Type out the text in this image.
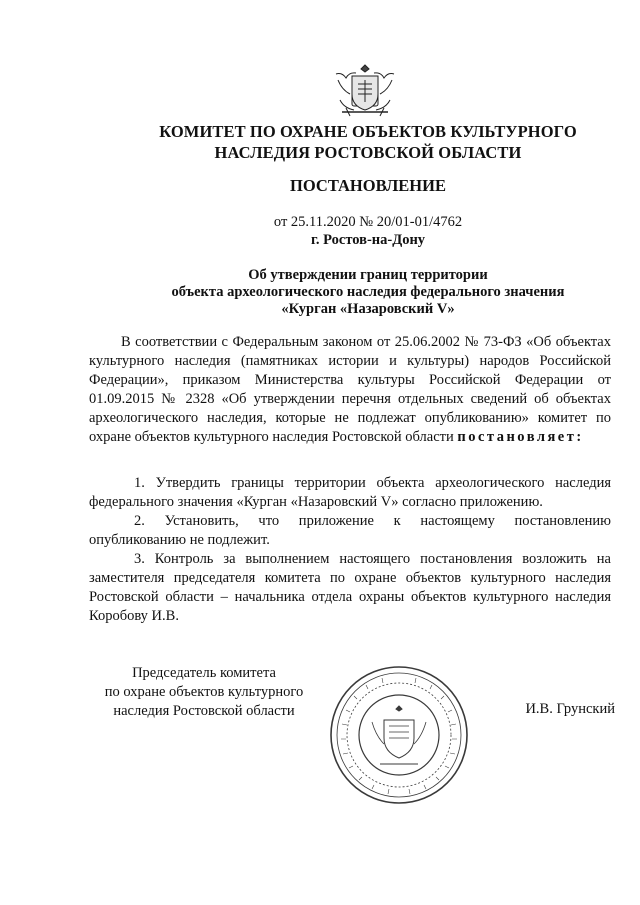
КОМИТЕТ ПО ОХРАНЕ ОБЪЕКТОВ КУЛЬТУРНОГО
НАСЛЕДИЯ РОСТОВСКОЙ ОБЛАСТИ
ПОСТАНОВЛЕНИЕ
от 25.11.2020 № 20/01-01/4762
г. Ростов-на-Дону
Об утверждении границ территории
объекта археологического наследия федерального значения
«Курган «Назаровский V»

В соответствии с Федеральным законом от 25.06.2002 № 73-ФЗ «Об объектах культурного наследия (памятниках истории и культуры) народов Российской Федерации», приказом Министерства культуры Российской Федерации от 01.09.2015 № 2328 «Об утверждении перечня отдельных сведений об объектах археологического наследия, которые не подлежат опубликованию» комитет по охране объектов культурного наследия Ростовской области постановляет:

1. Утвердить границы территории объекта археологического наследия федерального значения «Курган «Назаровский V» согласно приложению.
2. Установить, что приложение к настоящему постановлению опубликованию не подлежит.
3. Контроль за выполнением настоящего постановления возложить на заместителя председателя комитета по охране объектов культурного наследия Ростовской области – начальника отдела охраны объектов культурного наследия Коробову И.В.
Председатель комитета
по охране объектов культурного
наследия Ростовской области	И.В. Грунский
